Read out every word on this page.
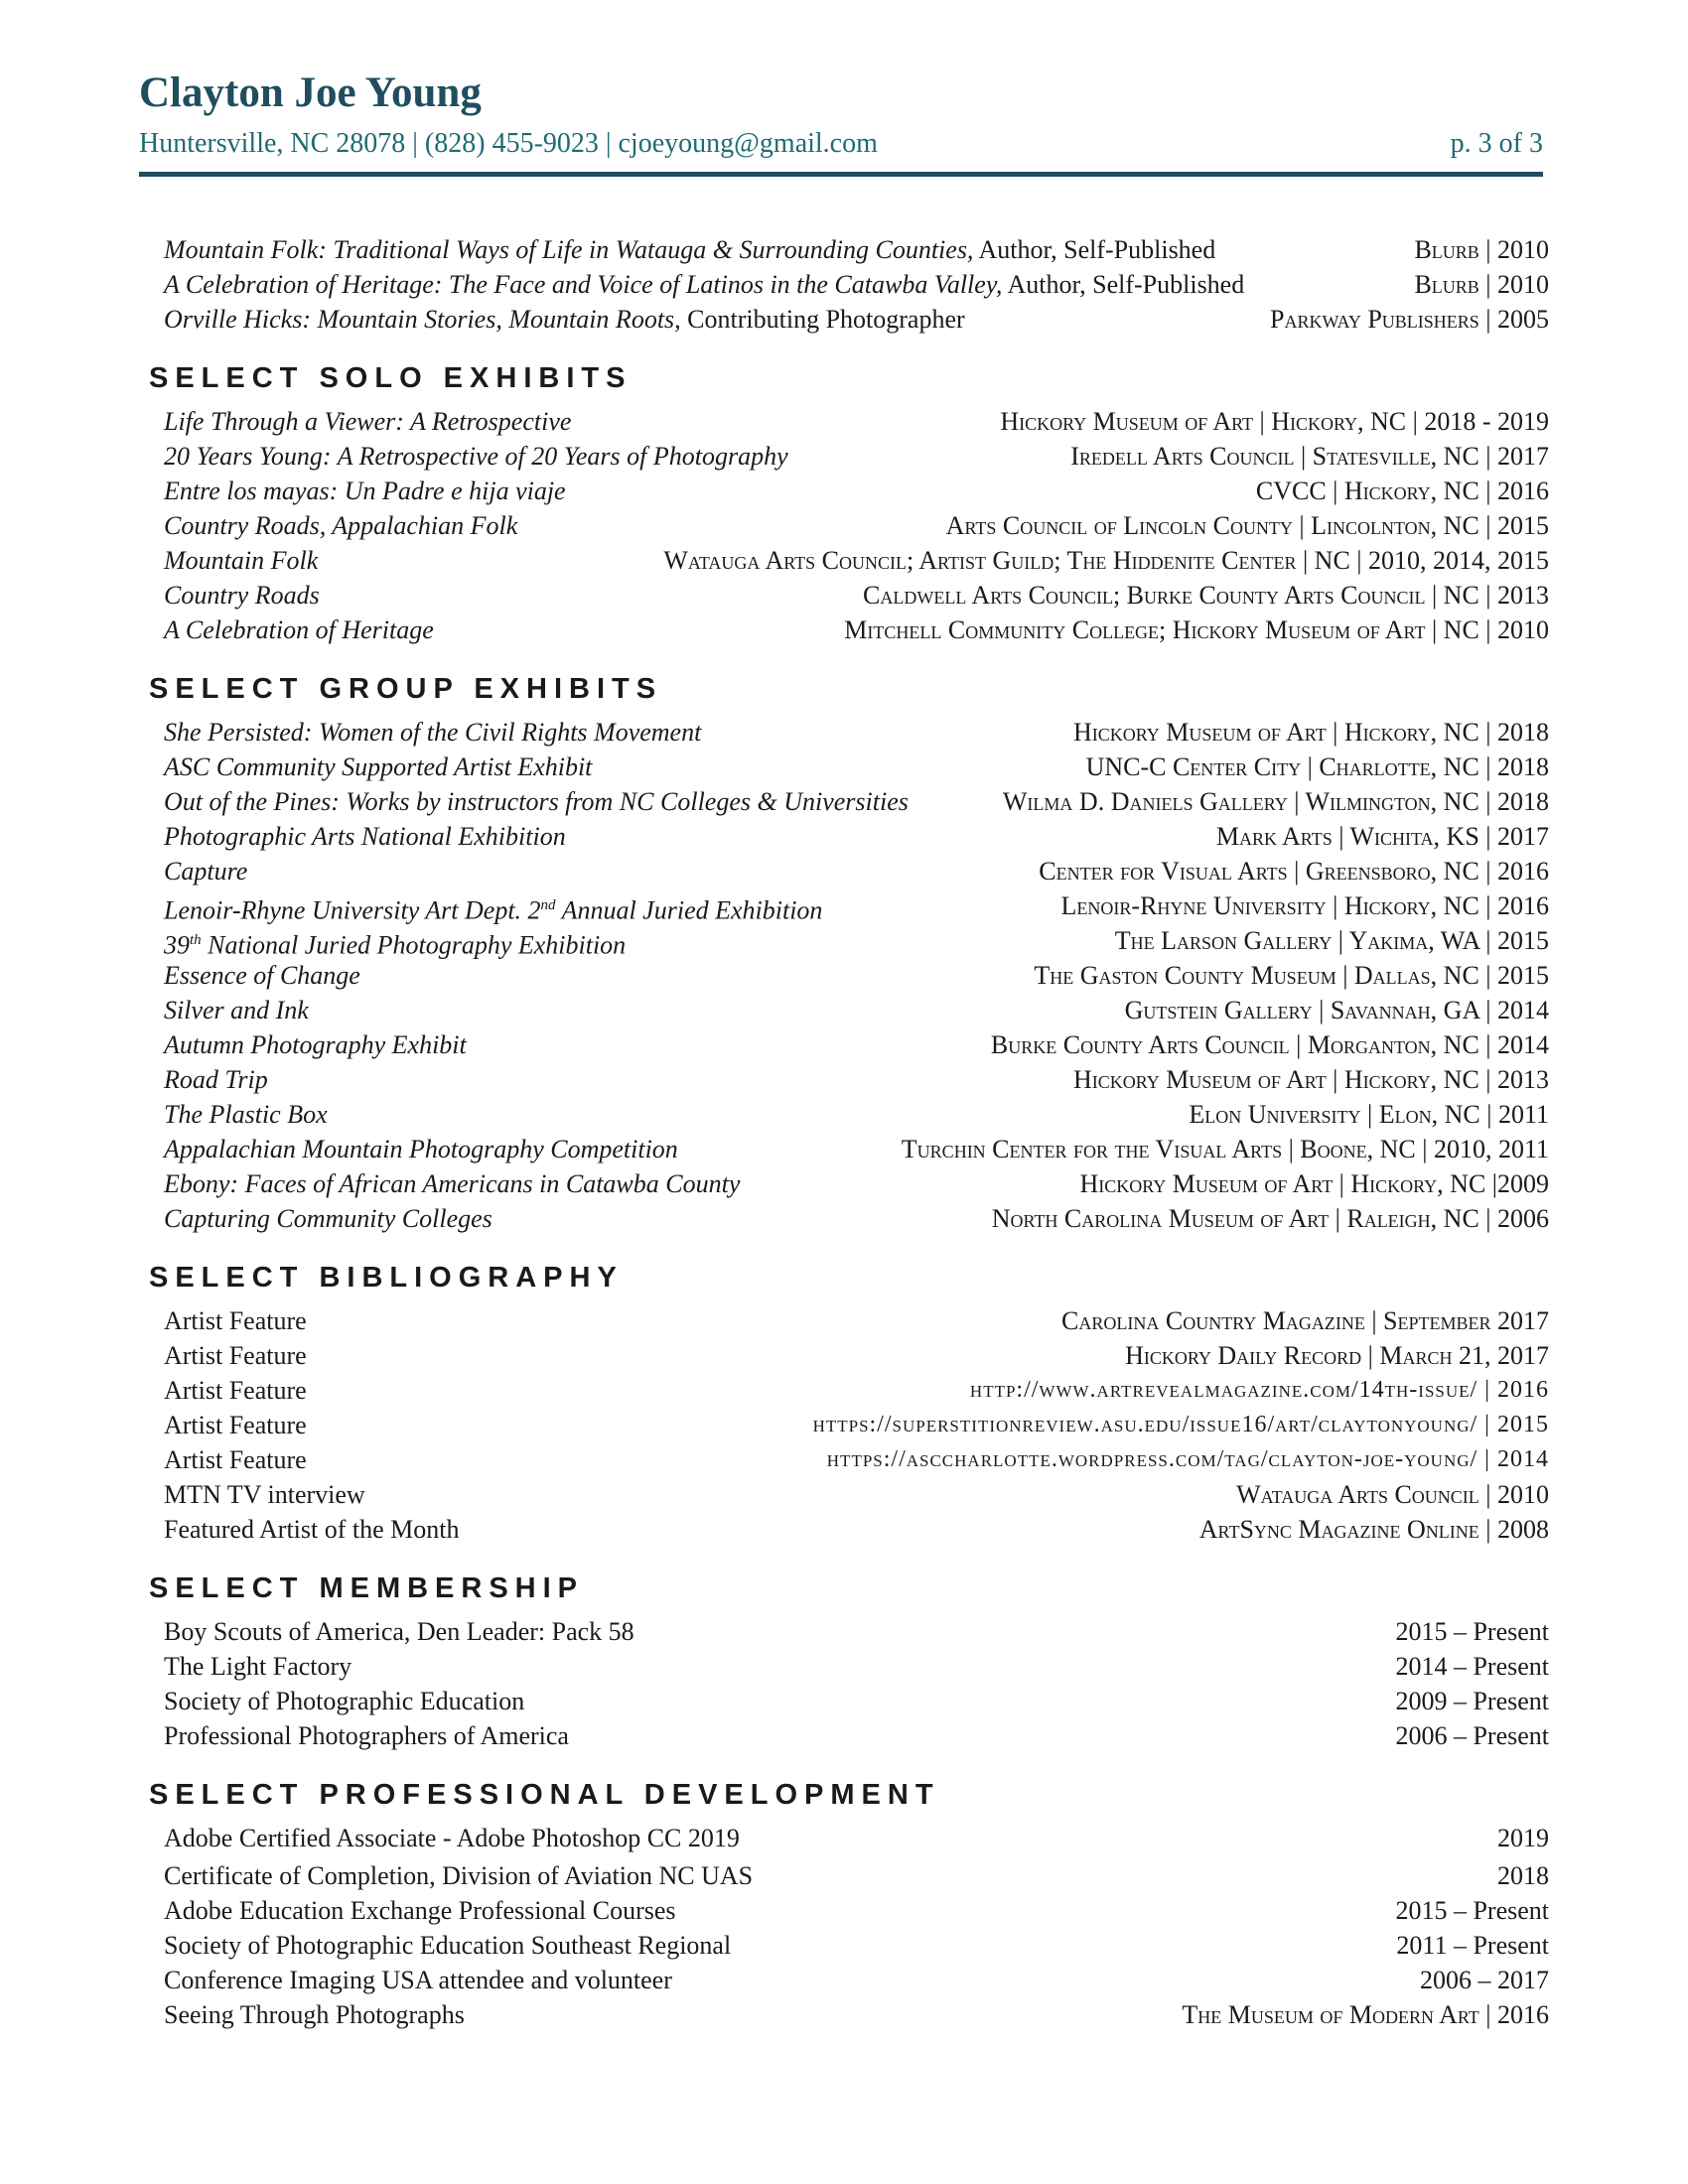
Clayton Joe Young
Huntersville, NC 28078 | (828) 455-9023 | cjoeyoung@gmail.com	p. 3 of 3
Mountain Folk: Traditional Ways of Life in Watauga & Surrounding Counties, Author, Self-Published	Blurb | 2010
A Celebration of Heritage: The Face and Voice of Latinos in the Catawba Valley, Author, Self-Published	Blurb | 2010
Orville Hicks: Mountain Stories, Mountain Roots, Contributing Photographer	Parkway Publishers | 2005
SELECT SOLO EXHIBITS
Life Through a Viewer: A Retrospective	Hickory Museum of Art | Hickory, NC | 2018 - 2019
20 Years Young: A Retrospective of 20 Years of Photography	Iredell Arts Council | Statesville, NC | 2017
Entre los mayas: Un Padre e hija viaje	CVCC | Hickory, NC | 2016
Country Roads, Appalachian Folk	Arts Council of Lincoln County | Lincolnton, NC | 2015
Mountain Folk	Watauga Arts Council; Artist Guild; The Hiddenite Center | NC | 2010, 2014, 2015
Country Roads	Caldwell Arts Council; Burke County Arts Council | NC | 2013
A Celebration of Heritage	Mitchell Community College; Hickory Museum of Art | NC | 2010
SELECT GROUP EXHIBITS
She Persisted: Women of the Civil Rights Movement	Hickory Museum of Art | Hickory, NC | 2018
ASC Community Supported Artist Exhibit	UNC-C Center City | Charlotte, NC | 2018
Out of the Pines: Works by instructors from NC Colleges & Universities	Wilma D. Daniels Gallery | Wilmington, NC | 2018
Photographic Arts National Exhibition	Mark Arts | Wichita, KS | 2017
Capture	Center for Visual Arts | Greensboro, NC | 2016
Lenoir-Rhyne University Art Dept. 2nd Annual Juried Exhibition	Lenoir-Rhyne University | Hickory, NC | 2016
39th National Juried Photography Exhibition	The Larson Gallery | Yakima, WA | 2015
Essence of Change	The Gaston County Museum | Dallas, NC | 2015
Silver and Ink	Gutstein Gallery | Savannah, GA | 2014
Autumn Photography Exhibit	Burke County Arts Council | Morganton, NC | 2014
Road Trip	Hickory Museum of Art | Hickory, NC | 2013
The Plastic Box	Elon University | Elon, NC | 2011
Appalachian Mountain Photography Competition	Turchin Center for the Visual Arts | Boone, NC | 2010, 2011
Ebony: Faces of African Americans in Catawba County	Hickory Museum of Art | Hickory, NC |2009
Capturing Community Colleges	North Carolina Museum of Art | Raleigh, NC | 2006
SELECT BIBLIOGRAPHY
Artist Feature	Carolina Country Magazine | September 2017
Artist Feature	Hickory Daily Record | March 21, 2017
Artist Feature	http://www.artrevealmagazine.com/14th-issue/ | 2016
Artist Feature	https://superstitionreview.asu.edu/issue16/art/claytonyoung/ | 2015
Artist Feature	https://asccharlotte.wordpress.com/tag/clayton-joe-young/ | 2014
MTN TV interview	Watauga Arts Council | 2010
Featured Artist of the Month	ArtSync Magazine Online | 2008
SELECT MEMBERSHIP
Boy Scouts of America, Den Leader: Pack 58	2015 – Present
The Light Factory	2014 – Present
Society of Photographic Education	2009 – Present
Professional Photographers of America	2006 – Present
SELECT PROFESSIONAL DEVELOPMENT
Adobe Certified Associate - Adobe Photoshop CC 2019	2019
Certificate of Completion, Division of Aviation NC UAS	2018
Adobe Education Exchange Professional Courses	2015 – Present
Society of Photographic Education Southeast Regional	2011 – Present
Conference Imaging USA attendee and volunteer	2006 – 2017
Seeing Through Photographs	The Museum of Modern Art | 2016
